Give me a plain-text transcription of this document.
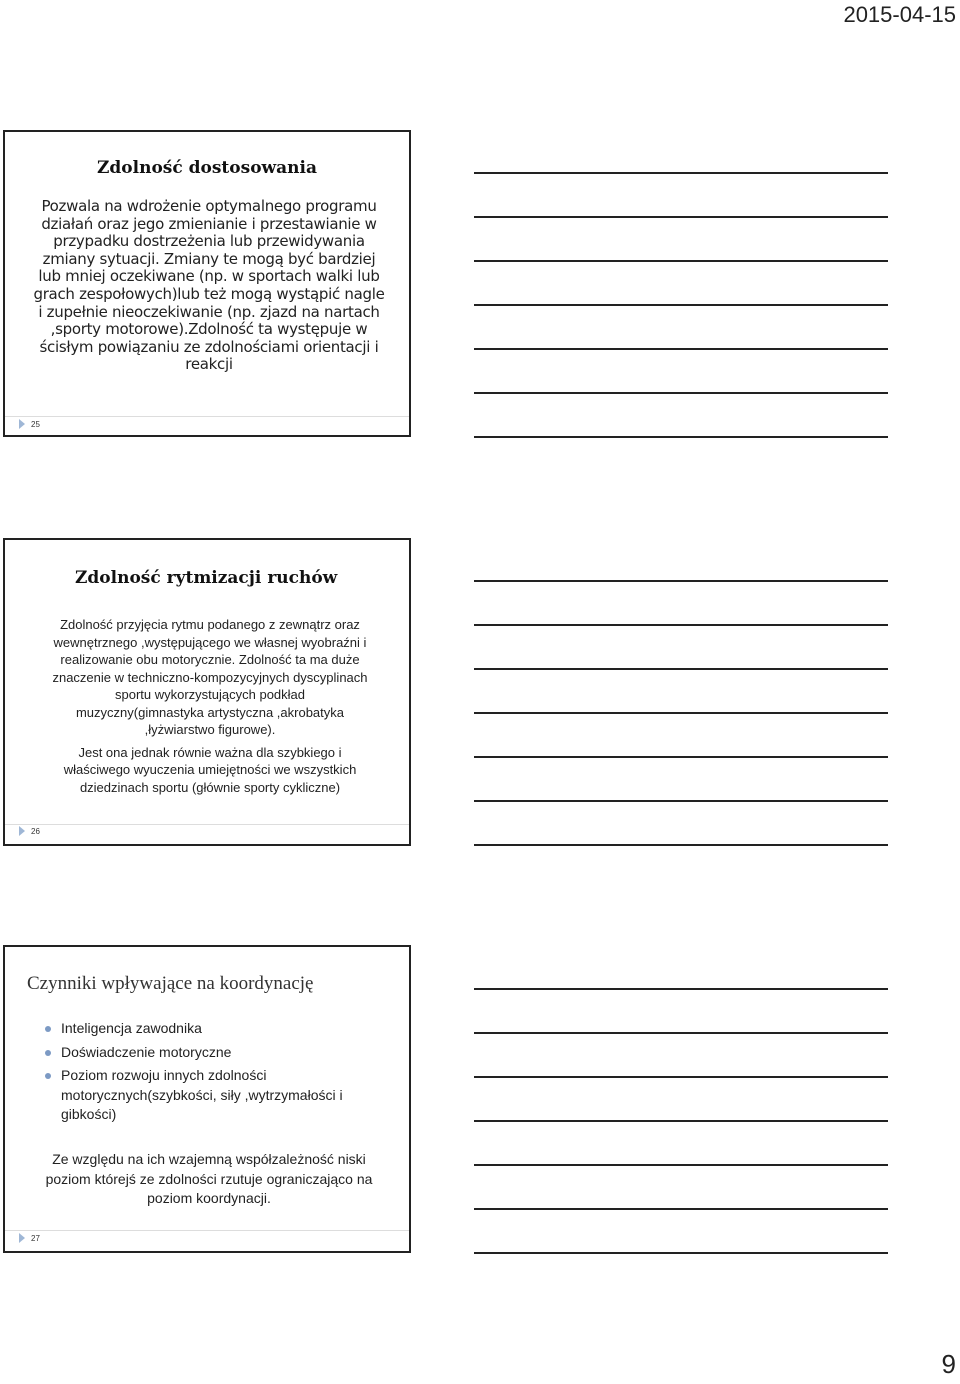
2015-04-15
Zdolność dostosowania
Pozwala na wdrożenie optymalnego programu działań oraz jego zmienianie i przestawianie w przypadku dostrzeżenia lub przewidywania zmiany sytuacji. Zmiany te mogą być bardziej lub mniej oczekiwane (np. w sportach walki lub grach zespołowych)lub też mogą wystąpić nagle i zupełnie nieoczekiwanie (np. zjazd na nartach ,sporty motorowe).Zdolność ta występuje w ścisłym powiązaniu ze zdolnościami orientacji i reakcji
25
Zdolność rytmizacji ruchów

Zdolność przyjęcia rytmu podanego z zewnątrz oraz wewnętrznego ,występującego we własnej wyobraźni i realizowanie obu motorycznie. Zdolność ta ma duże znaczenie w techniczno-kompozycyjnych dyscyplinach sportu wykorzystujących podkład muzyczny(gimnastyka artystyczna ,akrobatyka ,łyżwiarstwo figurowe).

Jest ona jednak równie ważna dla szybkiego i właściwego wyuczenia umiejętności we wszystkich dziedzinach sportu (głównie sporty cykliczne)

26
Czynniki wpływające na koordynację
Inteligencja zawodnika
Doświadczenie motoryczne
Poziom rozwoju innych zdolności motorycznych(szybkości, siły ,wytrzymałości i gibkości)
Ze względu na ich wzajemną współzależność niski poziom którejś ze zdolności rzutuje ograniczająco na poziom koordynacji.
27
9
